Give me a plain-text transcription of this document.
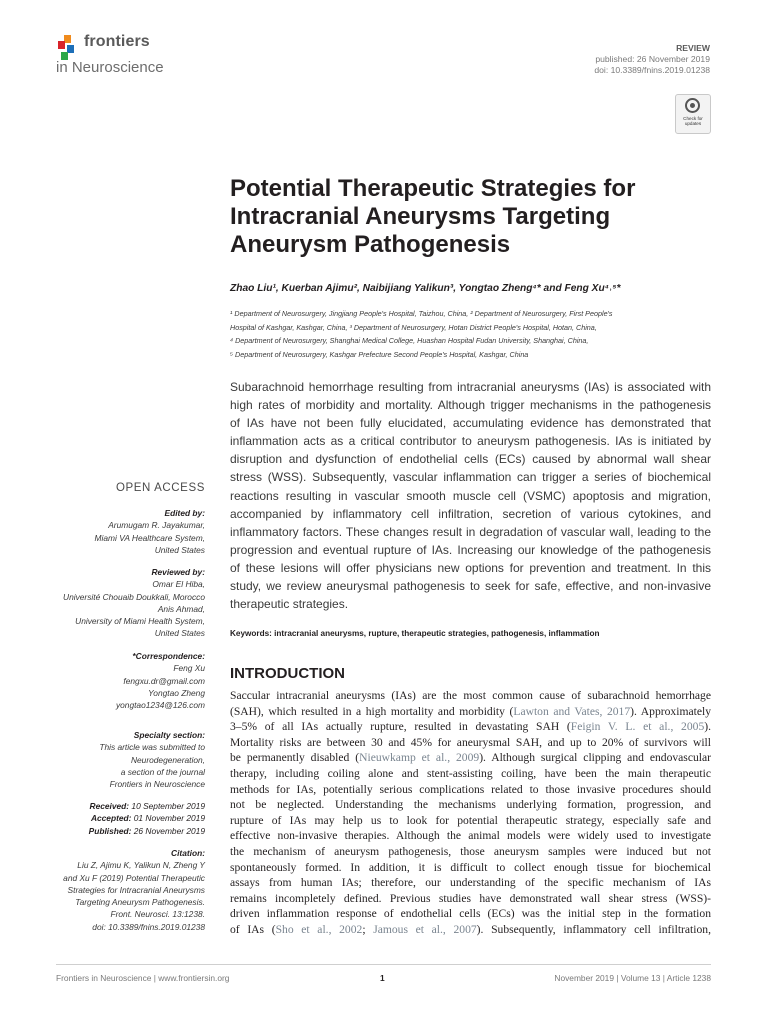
frontiers
in Neuroscience
REVIEW
published: 26 November 2019
doi: 10.3389/fnins.2019.01238
Check for
updates
Potential Therapeutic Strategies for
Intracranial Aneurysms Targeting
Aneurysm Pathogenesis
Zhao Liu¹, Kuerban Ajimu², Naibijiang Yalikun³, Yongtao Zheng⁴* and Feng Xu⁴˒⁵*
¹ Department of Neurosurgery, Jingjiang People's Hospital, Taizhou, China, ² Department of Neurosurgery, First People's
Hospital of Kashgar, Kashgar, China, ³ Department of Neurosurgery, Hotan District People's Hospital, Hotan, China,
⁴ Department of Neurosurgery, Shanghai Medical College, Huashan Hospital Fudan University, Shanghai, China,
⁵ Department of Neurosurgery, Kashgar Prefecture Second People's Hospital, Kashgar, China
Subarachnoid hemorrhage resulting from intracranial aneurysms (IAs) is associated with
high rates of morbidity and mortality. Although trigger mechanisms in the pathogenesis
of IAs have not been fully elucidated, accumulating evidence has demonstrated that
inflammation acts as a critical contributor to aneurysm pathogenesis. IAs is initiated by
disruption and dysfunction of endothelial cells (ECs) caused by abnormal wall shear
stress (WSS). Subsequently, vascular inflammation can trigger a series of biochemical
reactions resulting in vascular smooth muscle cell (VSMC) apoptosis and migration,
accompanied by inflammatory cell infiltration, secretion of various cytokines, and
inflammatory factors. These changes result in degradation of vascular wall, leading to the
progression and eventual rupture of IAs. Increasing our knowledge of the pathogenesis
of these lesions will offer physicians new options for prevention and treatment. In this
study, we review aneurysmal pathogenesis to seek for safe, effective, and non-invasive
therapeutic strategies.
Keywords: intracranial aneurysms, rupture, therapeutic strategies, pathogenesis, inflammation
INTRODUCTION
Saccular intracranial aneurysms (IAs) are the most common cause of subarachnoid hemorrhage
(SAH), which resulted in a high mortality and morbidity (Lawton and Vates, 2017). Approximately
3–5% of all IAs actually rupture, resulted in devastating SAH (Feigin V. L. et al., 2005).
Mortality risks are between 30 and 45% for aneurysmal SAH, and up to 20% of survivors will
be permanently disabled (Nieuwkamp et al., 2009). Although surgical clipping and endovascular
therapy, including coiling alone and stent-assisting coiling, have been the main therapeutic
methods for IAs, potentially serious complications related to those invasive procedures should
not be neglected. Understanding the mechanisms underlying formation, progression, and
rupture of IAs may help us to look for potential therapeutic strategy, especially safe and
effective non-invasive therapies. Although the animal models were widely used to investigate
the mechanism of aneurysm pathogenesis, those aneurysm samples were induced but not
spontaneously formed. In addition, it is difficult to collect enough tissue for biochemical
assays from human IAs; therefore, our understanding of the specific mechanism of IAs
remains incompletely defined. Previous studies have demonstrated wall shear stress (WSS)-
driven inflammation response of endothelial cells (ECs) was the initial step in the formation
of IAs (Sho et al., 2002; Jamous et al., 2007). Subsequently, inflammatory cell infiltration,
OPEN ACCESS
Edited by:
Arumugam R. Jayakumar,
Miami VA Healthcare System,
United States
Reviewed by:
Omar El Hiba,
Université Chouaib Doukkali, Morocco
Anis Ahmad,
University of Miami Health System,
United States
*Correspondence:
Feng Xu
fengxu.dr@gmail.com
Yongtao Zheng
yongtao1234@126.com
Specialty section:
This article was submitted to
Neurodegeneration,
a section of the journal
Frontiers in Neuroscience
Received: 10 September 2019
Accepted: 01 November 2019
Published: 26 November 2019
Citation:
Liu Z, Ajimu K, Yalikun N, Zheng Y
and Xu F (2019) Potential Therapeutic
Strategies for Intracranial Aneurysms
Targeting Aneurysm Pathogenesis.
Front. Neurosci. 13:1238.
doi: 10.3389/fnins.2019.01238
Frontiers in Neuroscience | www.frontiersin.org	1	November 2019 | Volume 13 | Article 1238
